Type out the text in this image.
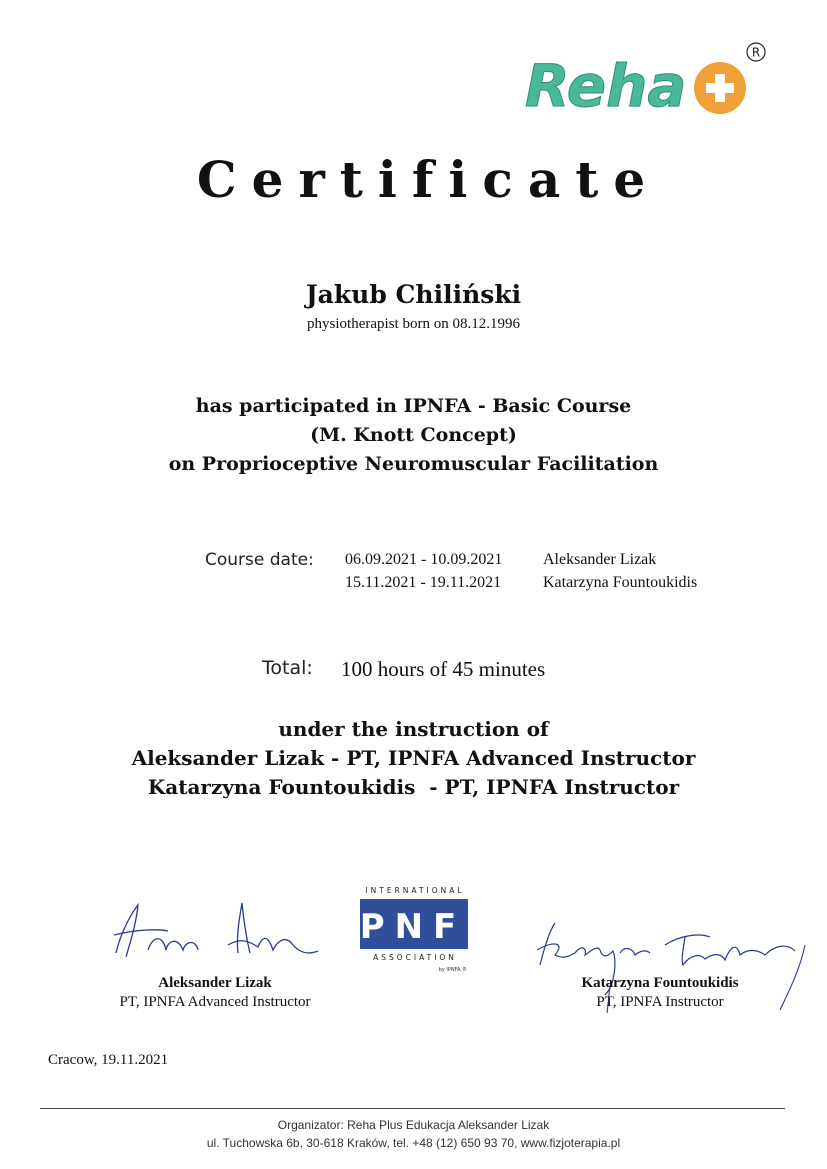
Reha	R
Certificate
Jakub Chiliński
physiotherapist born on 08.12.1996
has participated in IPNFA - Basic Course
(M. Knott Concept)
on Proprioceptive Neuromuscular Facilitation
Course date: 06.09.2021 - 10.09.2021	Aleksander Lizak
15.11.2021 - 19.11.2021	Katarzyna Fountoukidis
Total: 100 hours of 45 minutes
under the instruction of
Aleksander Lizak - PT, IPNFA Advanced Instructor
Katarzyna Fountoukidis  - PT, IPNFA Instructor
INTERNATIONAL
PNF
ASSOCIATION
by IPNFA ®
Aleksander Lizak
PT, IPNFA Advanced Instructor
Katarzyna Fountoukidis
PT, IPNFA Instructor
Cracow, 19.11.2021
Organizator: Reha Plus Edukacja Aleksander Lizak
ul. Tuchowska 6b, 30-618 Kraków, tel. +48 (12) 650 93 70, www.fizjoterapia.pl
